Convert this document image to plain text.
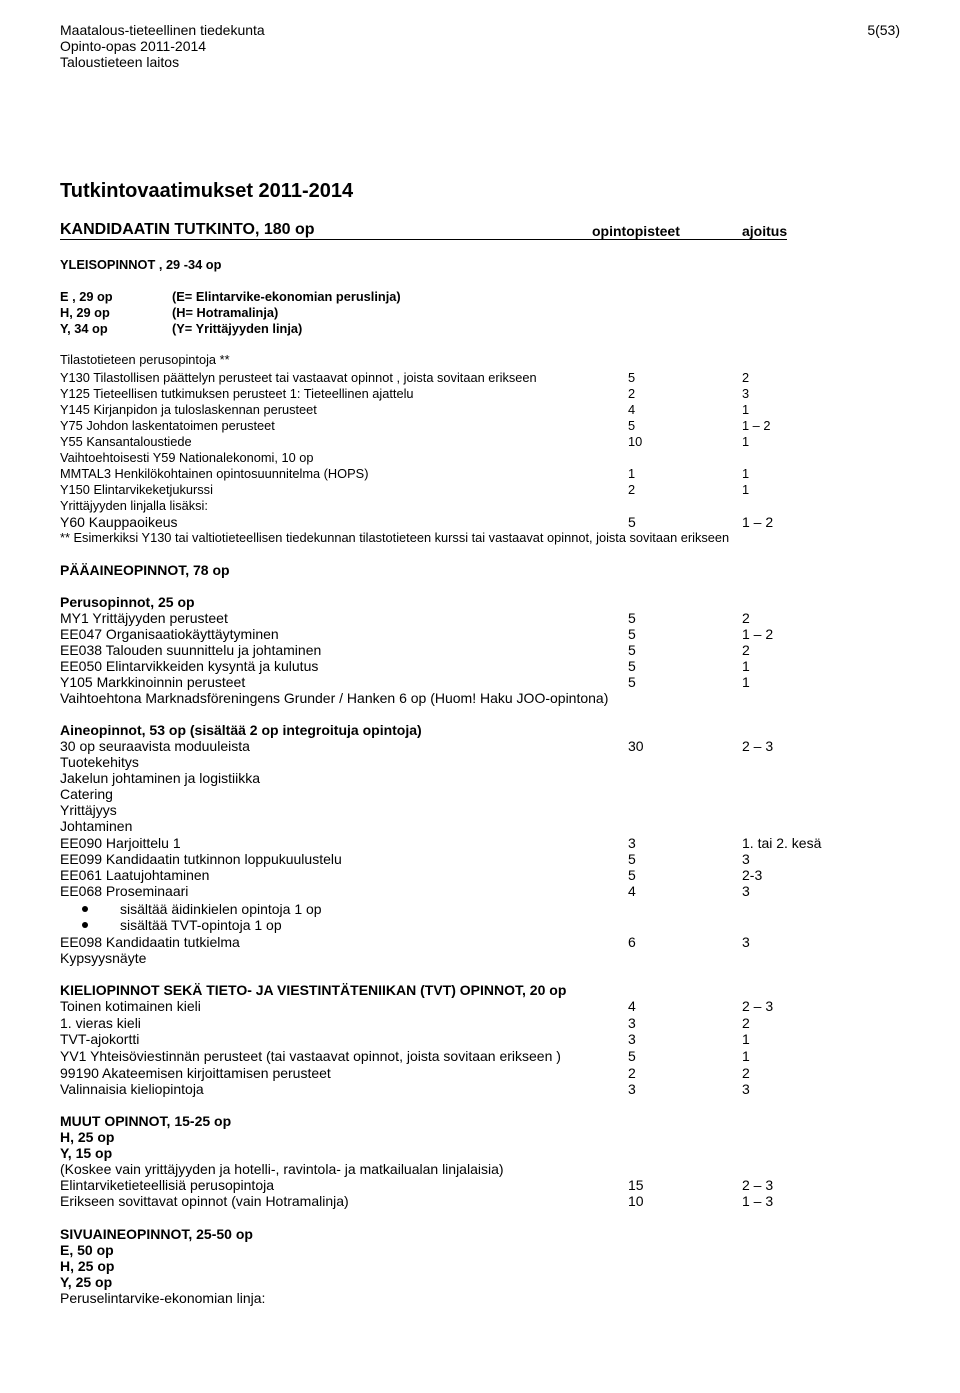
Maatalous-tieteellinen tiedekunta
Opinto-opas 2011-2014
Taloustieteen laitos
5(53)
Tutkintovaatimukset 2011-2014
KANDIDAATIN TUTKINTO, 180 op	opintopisteet	ajoitus
YLEISOPINNOT , 29 -34 op
E , 29 op	(E= Elintarvike-ekonomian peruslinja)
H, 29 op	(H= Hotramalinja)
Y, 34 op	(Y= Yrittäjyyden linja)
Tilastotieteen perusopintoja **
Y130 Tilastollisen päättelyn perusteet tai vastaavat opinnot , joista sovitaan erikseen	5	2
Y125 Tieteellisen tutkimuksen perusteet 1: Tieteellinen ajattelu	2	3
Y145 Kirjanpidon ja tuloslaskennan perusteet	4	1
Y75 Johdon laskentatoimen perusteet	5	1 – 2
Y55 Kansantaloustiede	10	1
Vaihtoehtoisesti Y59 Nationalekonomi, 10 op
MMTAL3 Henkilökohtainen opintosuunnitelma (HOPS)	1	1
Y150 Elintarvikeketjukurssi	2	1
Yrittäjyyden linjalla lisäksi:
Y60 Kauppaoikeus	5	1 – 2
** Esimerkiksi Y130 tai valtiotieteellisen tiedekunnan tilastotieteen kurssi tai vastaavat opinnot, joista sovitaan erikseen
PÄÄAINEOPINNOT, 78 op
Perusopinnot, 25 op
MY1 Yrittäjyyden perusteet	5	2
EE047 Organisaatiokäyttäytyminen	5	1 – 2
EE038 Talouden suunnittelu ja johtaminen	5	2
EE050 Elintarvikkeiden kysyntä ja kulutus	5	1
Y105 Markkinoinnin perusteet	5	1
Vaihtoehtona Marknadsföreningens Grunder / Hanken 6 op (Huom! Haku JOO-opintona)
Aineopinnot, 53 op (sisältää 2 op integroituja opintoja)
30 op seuraavista moduuleista	30	2 – 3
Tuotekehitys
Jakelun johtaminen ja logistiikka
Catering
Yrittäjyys
Johtaminen
EE090 Harjoittelu 1	3	1. tai 2. kesä
EE099 Kandidaatin tutkinnon loppukuulustelu	5	3
EE061 Laatujohtaminen	5	2-3
EE068 Proseminaari	4	3
sisältää äidinkielen opintoja 1 op
sisältää TVT-opintoja 1 op
EE098 Kandidaatin tutkielma	6	3
Kypsyysnäyte
KIELIOPINNOT SEKÄ TIETO- JA VIESTINTÄTENIIKAN (TVT) OPINNOT, 20 op
Toinen kotimainen kieli	4	2 – 3
1. vieras kieli	3	2
TVT-ajokortti	3	1
YV1 Yhteisöviestinnän perusteet (tai vastaavat opinnot, joista sovitaan erikseen )	5	1
99190 Akateemisen kirjoittamisen perusteet	2	2
Valinnaisia kieliopintoja	3	3
MUUT OPINNOT, 15-25 op
H, 25 op
Y, 15 op
(Koskee vain yrittäjyyden ja hotelli-, ravintola- ja matkailualan linjalaisia)
Elintarviketieteellisiä perusopintoja	15	2 – 3
Erikseen sovittavat opinnot (vain Hotramalinja)	10	1 – 3
SIVUAINEOPINNOT, 25-50 op
E, 50 op
H, 25 op
Y, 25 op
Peruselintarvike-ekonomian linja:
